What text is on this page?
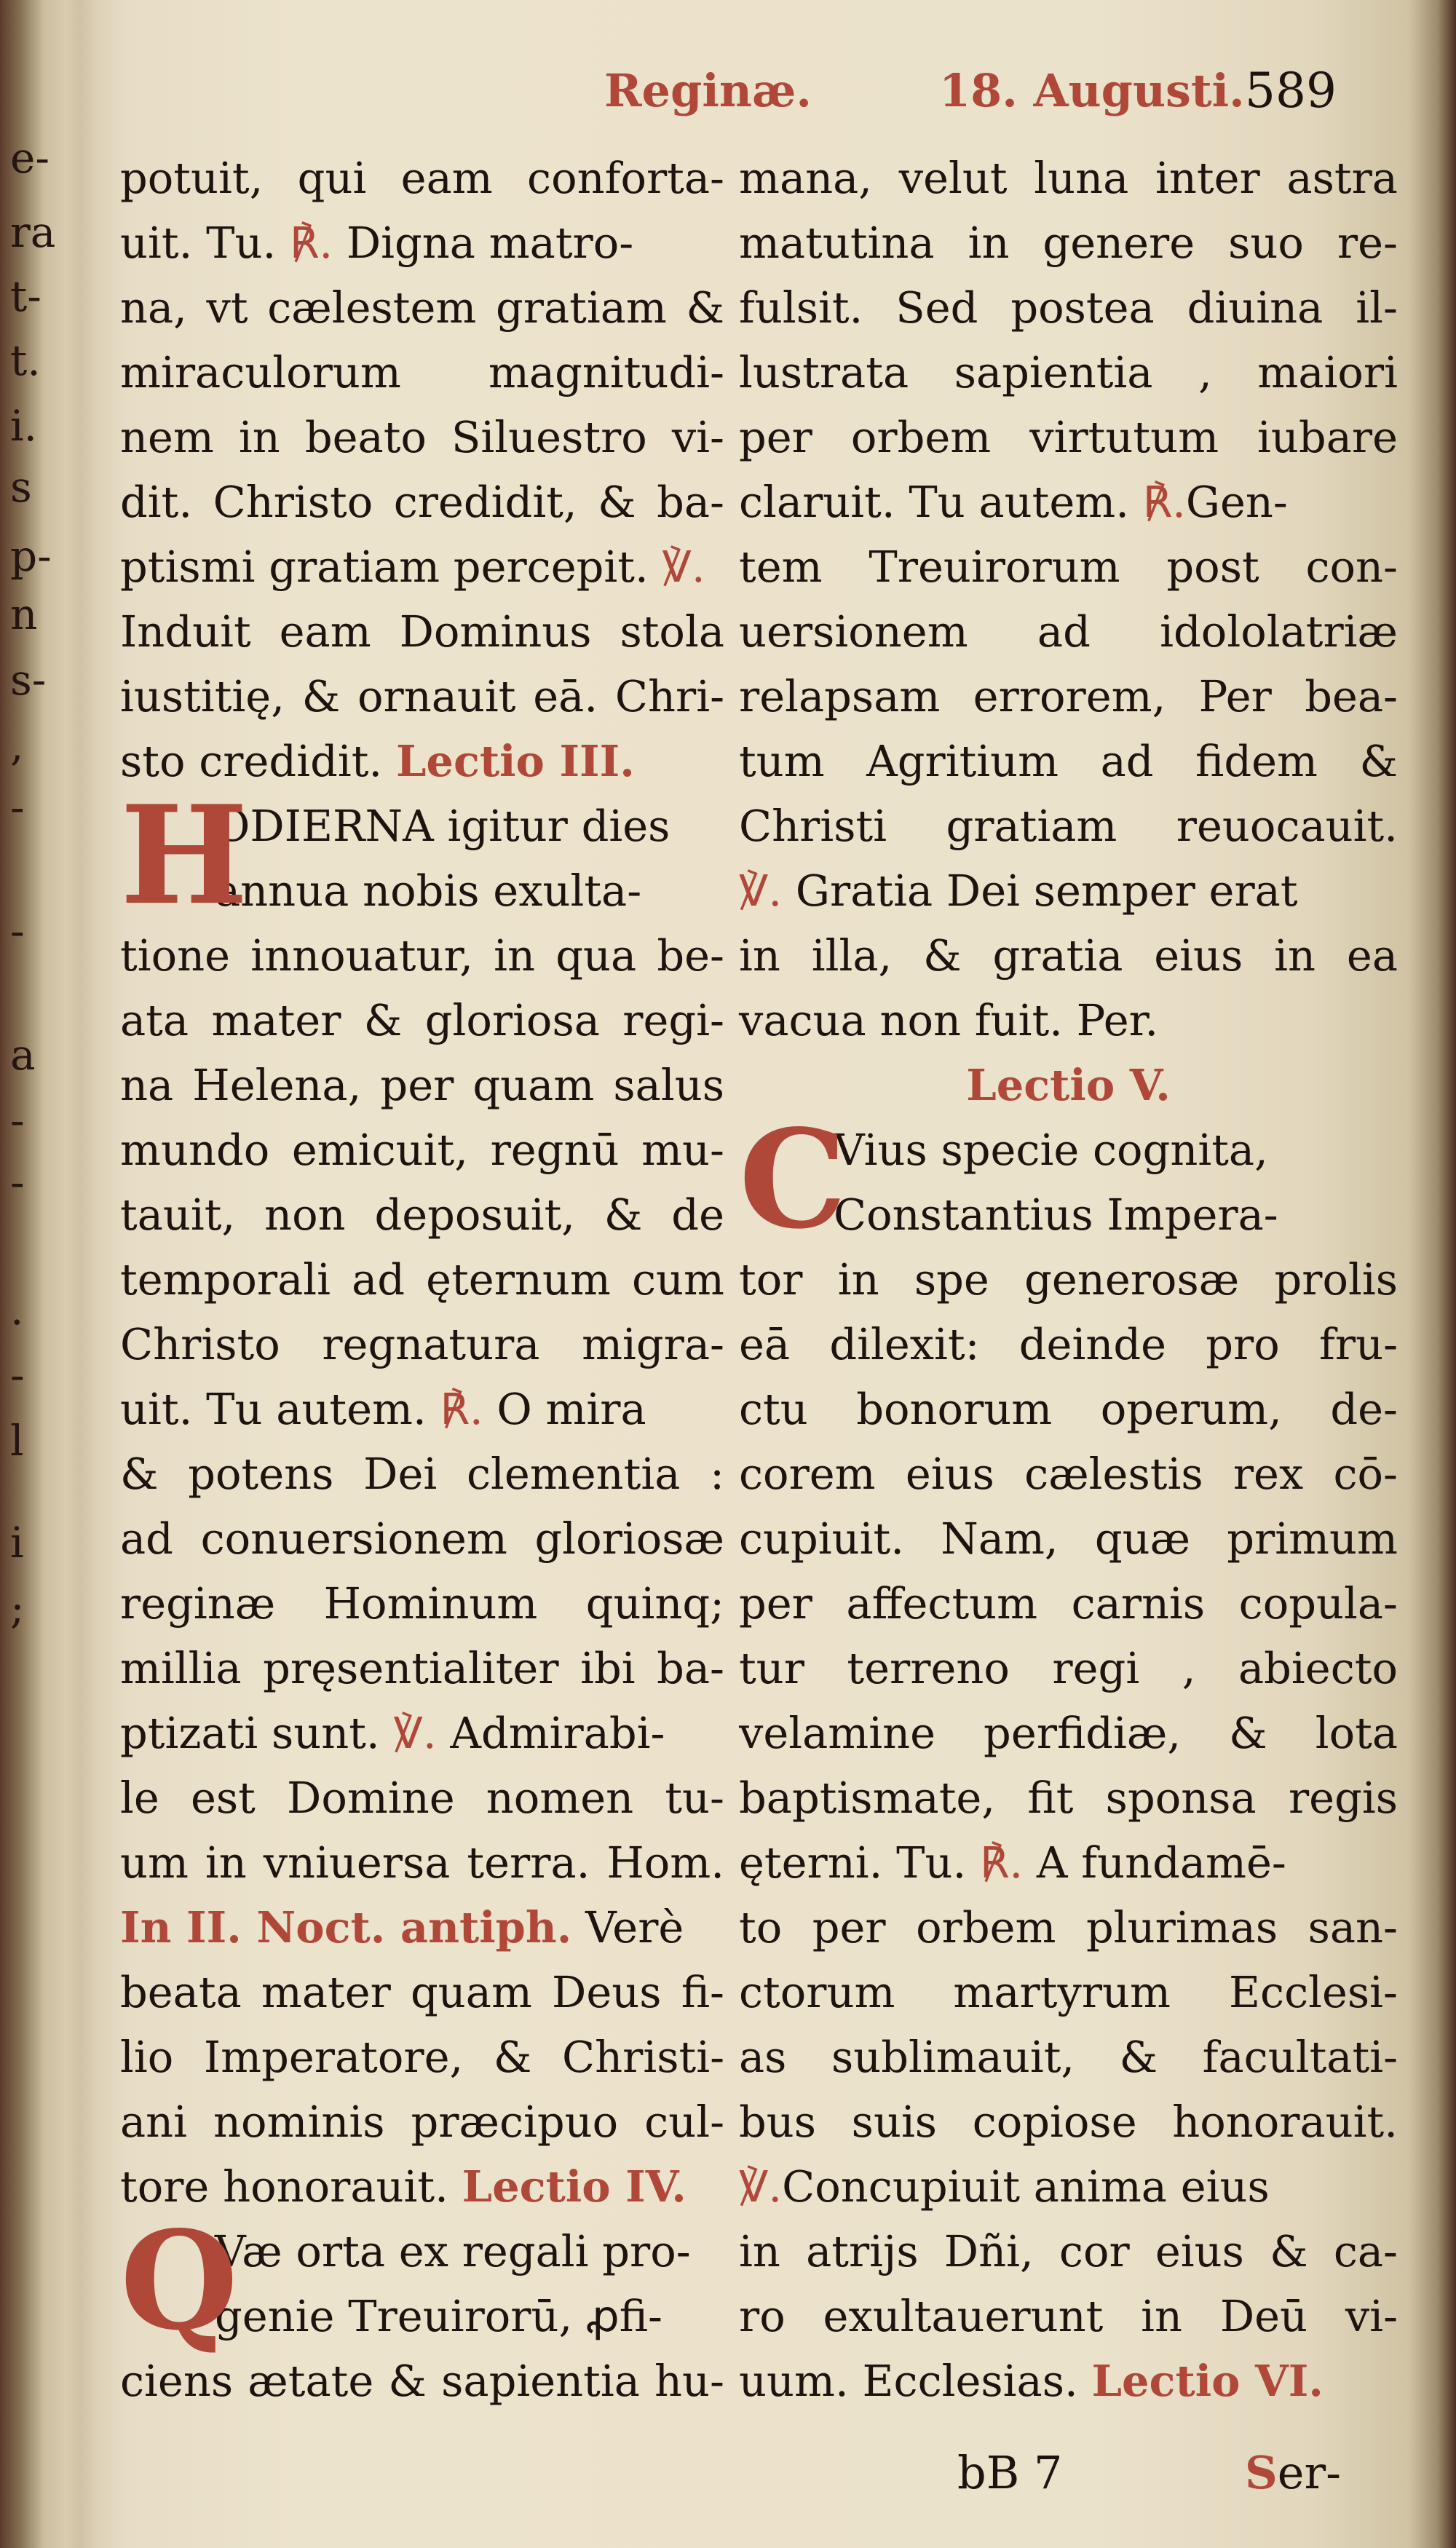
e-
ra
t-
t.
i.
s
p-
n
s-
,
-
-
a
-
-
.
-
l
i
;
Reginæ.	18. Augusti. 589
potuit, qui eam conforta-
uit. Tu. ℟. Digna matro-
na, vt cælestem gratiam &
miraculorum magnitudi-
nem in beato Siluestro vi-
dit. Christo credidit, & ba-
ptismi gratiam percepit. ℣.
Induit eam Dominus stola
iustitię, & ornauit eā. Chri-
sto credidit. Lectio III.
H
ODIERNA igitur dies
annua nobis exulta-
tione innouatur, in qua be-
ata mater & gloriosa regi-
na Helena, per quam salus
mundo emicuit, regnū mu-
tauit, non deposuit, & de
temporali ad ęternum cum
Christo regnatura migra-
uit. Tu autem. ℟. O mira
& potens Dei clementia :
ad conuersionem gloriosæ
reginæ Hominum quinq;
millia pręsentialiter ibi ba-
ptizati sunt. ℣. Admirabi-
le est Domine nomen tu-
um in vniuersa terra. Hom.
In II. Noct. antiph. Verè
beata mater quam Deus fi-
lio Imperatore, & Christi-
ani nominis præcipuo cul-
tore honorauit. Lectio IV.
Q
Væ orta ex regali pro-
genie Treuirorū, ꝓfi-
ciens ætate & sapientia hu-
mana, velut luna inter astra
matutina in genere suo re-
fulsit. Sed postea diuina il-
lustrata sapientia , maiori
per orbem virtutum iubare
claruit. Tu autem. ℟.Gen-
tem Treuirorum post con-
uersionem ad idololatriæ
relapsam errorem, Per bea-
tum Agritium ad fidem &
Christi gratiam reuocauit.
℣. Gratia Dei semper erat
in illa, & gratia eius in ea
vacua non fuit. Per.
Lectio V.
C
Vius specie cognita,
Constantius Impera-
tor in spe generosæ prolis
eā dilexit: deinde pro fru-
ctu bonorum operum, de-
corem eius cælestis rex cō-
cupiuit. Nam, quæ primum
per affectum carnis copula-
tur terreno regi , abiecto
velamine perfidiæ, & lota
baptismate, fit sponsa regis
ęterni. Tu. ℟. A fundamē-
to per orbem plurimas san-
ctorum martyrum Ecclesi-
as sublimauit, & facultati-
bus suis copiose honorauit.
℣.Concupiuit anima eius
in atrijs Dñi, cor eius & ca-
ro exultauerunt in Deū vi-
uum. Ecclesias. Lectio VI.
bB 7	Ser-
